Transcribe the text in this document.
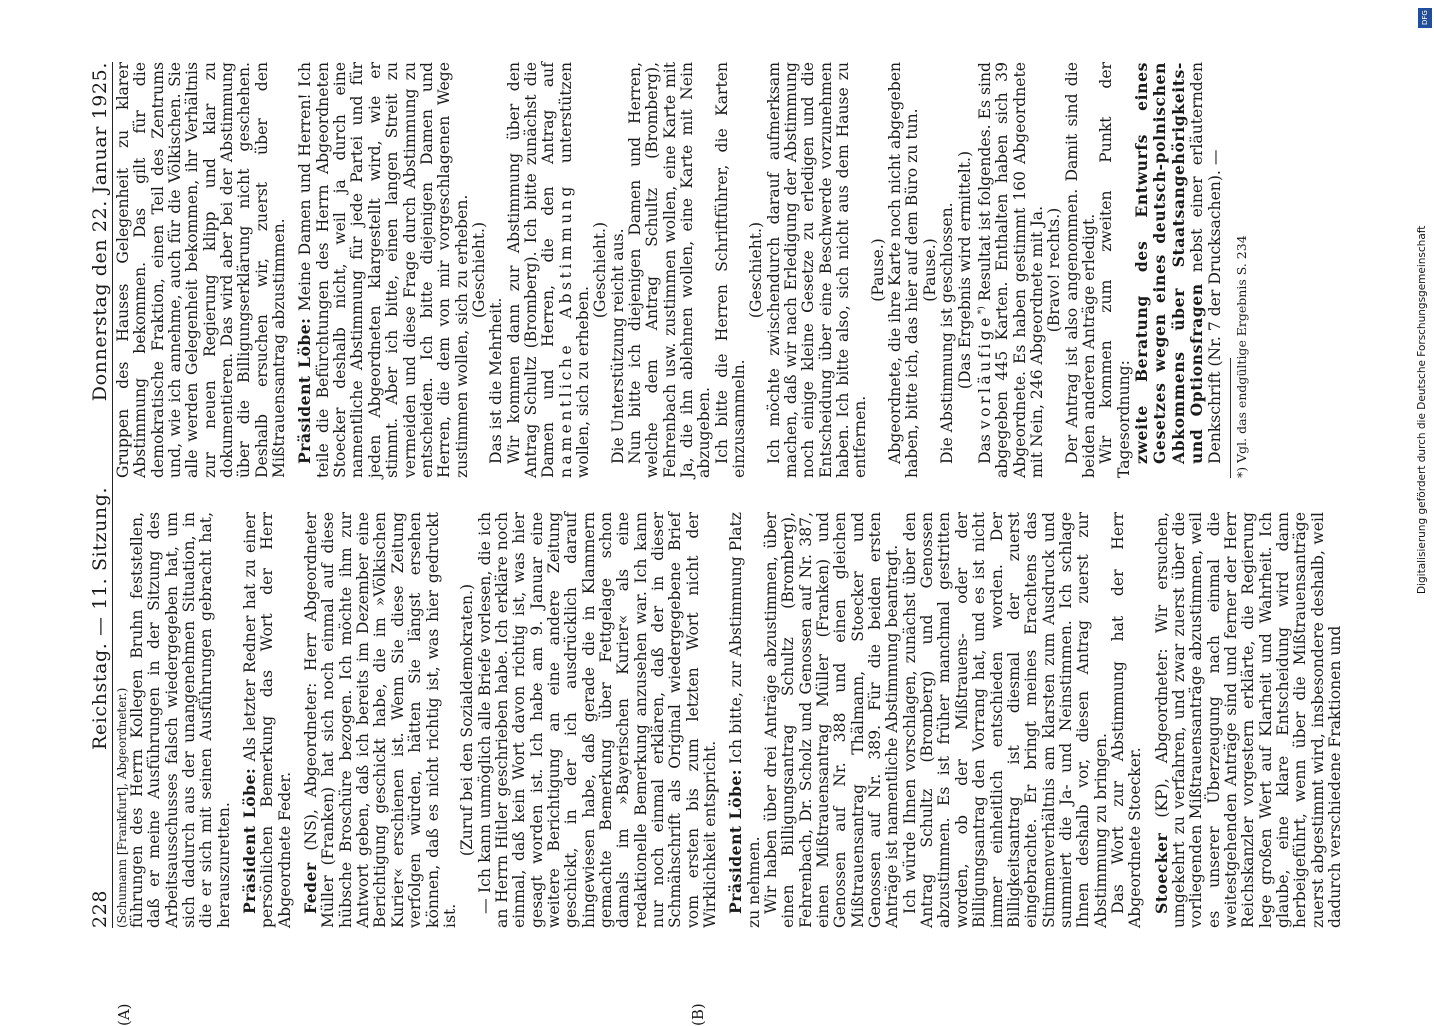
228
Reichstag. — 11. Sitzung.
Donnerstag den 22. Januar 1925.
(A)	(B)

(Schumann [Frankfurt], Abgeordneter.) führungen des Herrn Kollegen Bruhn feststellen, daß er meine Ausführungen in der Sitzung des Arbeitsausschusses falsch wiedergegeben hat, um sich dadurch aus der unangenehmen Situation, in die er sich mit seinen Ausführungen gebracht hat, herauszuretten. Präsident Löbe: Als letzter Redner hat zu einer persönlichen Bemerkung das Wort der Herr Abgeordnete Feder. Feder (NS), Abgeordneter: Herr Abgeordneter Müller (Franken) hat sich noch einmal auf diese hübsche Broschüre bezogen. Ich möchte ihm zur Antwort geben, daß ich bereits im Dezember eine Berichtigung geschickt habe, die im »Völkischen Kurier« erschienen ist. Wenn Sie diese Zeitung verfolgen würden, hätten Sie längst ersehen können, daß es nicht richtig ist, was hier gedruckt ist.

(Zuruf bei den Sozialdemokraten.) — Ich kann unmöglich alle Briefe vorlesen, die ich an Herrn Hitler geschrieben habe. Ich erkläre noch einmal, daß kein Wort davon richtig ist, was hier gesagt worden ist. Ich habe am 9. Januar eine weitere Berichtigung an eine andere Zeitung geschickt, in der ich ausdrücklich darauf hingewiesen habe, daß gerade die in Klammern gemachte Bemerkung über Fettgelage schon damals im »Bayerischen Kurier« als eine redaktionelle Bemerkung anzusehen war. Ich kann nur noch einmal erklären, daß der in dieser Schmähschrift als Original wiedergegebene Brief vom ersten bis zum letzten Wort nicht der Wirklichkeit entspricht. Präsident Löbe: Ich bitte, zur Abstimmung Platz zu nehmen. Wir haben über drei Anträge abzustimmen, über einen Billigungsantrag Schultz (Bromberg), Fehrenbach, Dr. Scholz und Genossen auf Nr. 387, einen Mißtrauensantrag Müller (Franken) und Genossen auf Nr. 388 und einen gleichen Mißtrauensantrag Thälmann, Stoecker und Genossen auf Nr. 389. Für die beiden ersten Anträge ist namentliche Abstimmung beantragt. Ich würde Ihnen vorschlagen, zunächst über den Antrag Schultz (Bromberg) und Genossen abzustimmen. Es ist früher manchmal gestritten worden, ob der Mißtrauens- oder der Billigungsantrag den Vorrang hat, und es ist nicht immer einheitlich entschieden worden. Der Billigkeitsantrag ist diesmal der zuerst eingebrachte. Er bringt meines Erachtens das Stimmenverhältnis am klarsten zum Ausdruck und summiert die Ja- und Neinstimmen. Ich schlage Ihnen deshalb vor, diesen Antrag zuerst zur Abstimmung zu bringen. Das Wort zur Abstimmung hat der Herr Abgeordnete Stoecker. Stoecker (KP), Abgeordneter: Wir ersuchen, umgekehrt zu verfahren, und zwar zuerst über die vorliegenden Mißtrauensanträge abzustimmen, weil es unserer Überzeugung nach einmal die weitestgehenden Anträge sind und ferner der Herr Reichskanzler vorgestern erklärte, die Regierung lege großen Wert auf Klarheit und Wahrheit. Ich glaube, eine klare Entscheidung wird dann herbeigeführt, wenn über die Mißtrauensanträge zuerst abgestimmt wird, insbesondere deshalb, weil dadurch verschiedene Fraktionen und

Gruppen des Hauses Gelegenheit zu klarer Abstimmung bekommen. Das gilt für die demokratische Fraktion, einen Teil des Zentrums und, wie ich annehme, auch für die Völkischen. Sie alle werden Gelegenheit bekommen, ihr Verhältnis zur neuen Regierung klipp und klar zu dokumentieren. Das wird aber bei der Abstimmung über die Billigungserklärung nicht geschehen. Deshalb ersuchen wir, zuerst über den Mißtrauensantrag abzustimmen. Präsident Löbe: Meine Damen und Herren! Ich teile die Befürchtungen des Herrn Abgeordneten Stoecker deshalb nicht, weil ja durch eine namentliche Abstimmung für jede Partei und für jeden Abgeordneten klargestellt wird, wie er stimmt. Aber ich bitte, einen langen Streit zu vermeiden und diese Frage durch Abstimmung zu entscheiden. Ich bitte diejenigen Damen und Herren, die dem von mir vorgeschlagenen Wege zustimmen wollen, sich zu erheben. (Geschieht.)

Das ist die Mehrheit. Wir kommen dann zur Abstimmung über den Antrag Schultz (Bromberg). Ich bitte zunächst die Damen und Herren, die den Antrag auf namentliche Abstimmung unterstützen wollen, sich zu erheben.

(Geschieht.) Die Unterstützung reicht aus. Nun bitte ich diejenigen Damen und Herren, welche dem Antrag Schultz (Bromberg), Fehrenbach usw. zustimmen wollen, eine Karte mit Ja, die ihn ablehnen wollen, eine Karte mit Nein abzugeben. Ich bitte die Herren Schriftführer, die Karten einzusammeln.

(Geschieht.) Ich möchte zwischendurch darauf aufmerksam machen, daß wir nach Erledigung der Abstimmung noch einige kleine Gesetze zu erledigen und die Entscheidung über eine Beschwerde vorzunehmen haben. Ich bitte also, sich nicht aus dem Hause zu entfernen.

(Pause.) Abgeordnete, die ihre Karte noch nicht abgegeben haben, bitte ich, das hier auf dem Büro zu tun. (Pause.) Die Abstimmung ist geschlossen. (Das Ergebnis wird ermittelt.)

Das vorläufige*) Resultat ist folgendes. Es sind abgegeben 445 Karten. Enthalten haben sich 39 Abgeordnete. Es haben gestimmt 160 Abgeordnete mit Nein, 246 Abgeordnete mit Ja. (Bravo! rechts.) Der Antrag ist also angenommen. Damit sind die beiden anderen Anträge erledigt. Wir kommen zum zweiten Punkt der Tagesordnung: zweite Beratung des Entwurfs eines Gesetzes wegen eines deutsch-polnischen Abkommens über Staatsangehörigkeits- und Optionsfragen nebst einer erläuternden Denkschrift (Nr. 7 der Drucksachen). — *) Vgl. das endgültige Ergebnis S. 234

DFG
Digitalisierung gefördert durch die Deutsche Forschungsgemeinschaft
